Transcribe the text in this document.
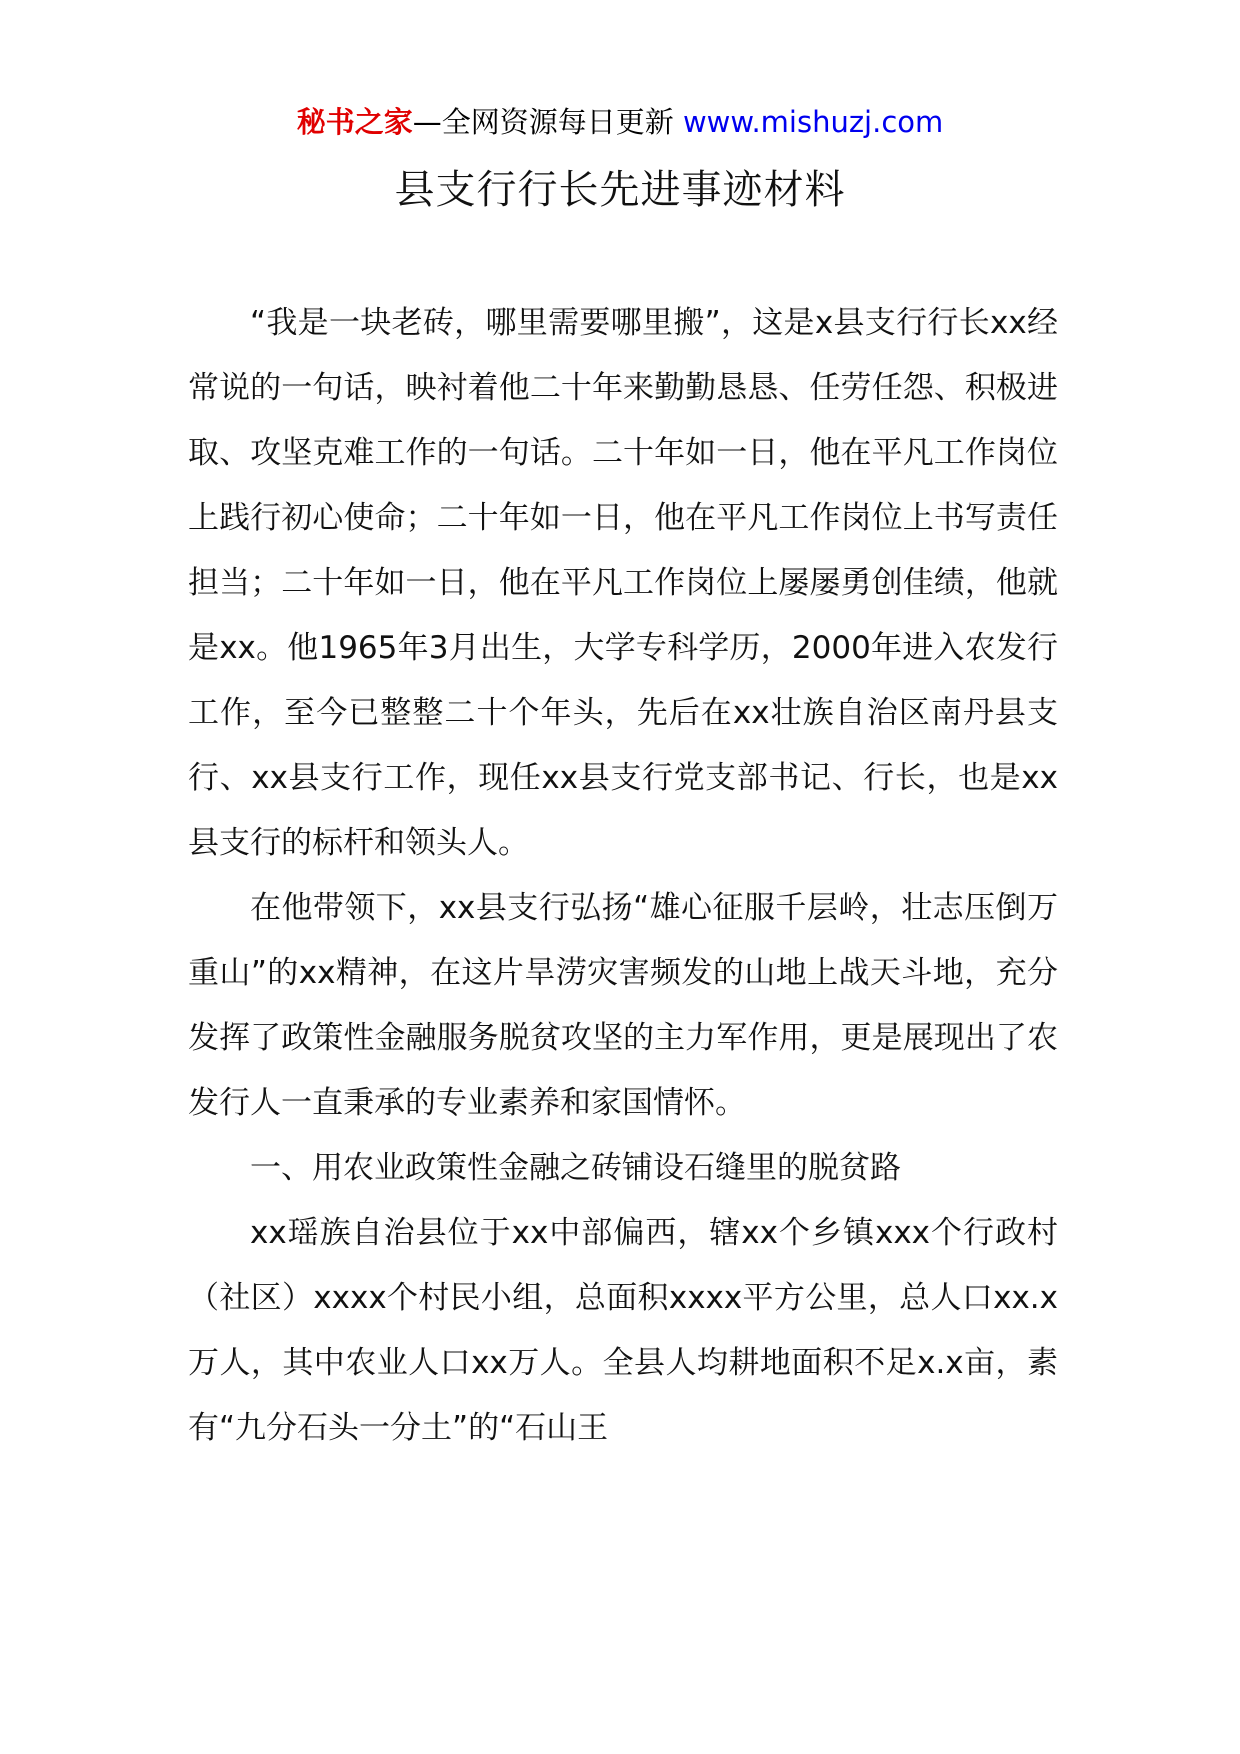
秘书之家—全网资源每日更新 www.mishuzj.com
县支行行长先进事迹材料

“我是一块老砖，哪里需要哪里搬”，这是x县支行行长xx经常说的一句话，映衬着他二十年来勤勤恳恳、任劳任怨、积极进取、攻坚克难工作的一句话。二十年如一日，他在平凡工作岗位上践行初心使命；二十年如一日，他在平凡工作岗位上书写责任担当；二十年如一日，他在平凡工作岗位上屡屡勇创佳绩，他就是xx。他1965年3月出生，大学专科学历，2000年进入农发行工作，至今已整整二十个年头，先后在xx壮族自治区南丹县支行、xx县支行工作，现任xx县支行党支部书记、行长，也是xx县支行的标杆和领头人。

在他带领下，xx县支行弘扬“雄心征服千层岭，壮志压倒万重山”的xx精神，在这片旱涝灾害频发的山地上战天斗地，充分发挥了政策性金融服务脱贫攻坚的主力军作用，更是展现出了农发行人一直秉承的专业素养和家国情怀。

一、用农业政策性金融之砖铺设石缝里的脱贫路

xx瑶族自治县位于xx中部偏西，辖xx个乡镇xxx个行政村（社区）xxxx个村民小组，总面积xxxx平方公里，总人口xx.x万人，其中农业人口xx万人。全县人均耕地面积不足x.x亩，素有“九分石头一分土”的“石山王
